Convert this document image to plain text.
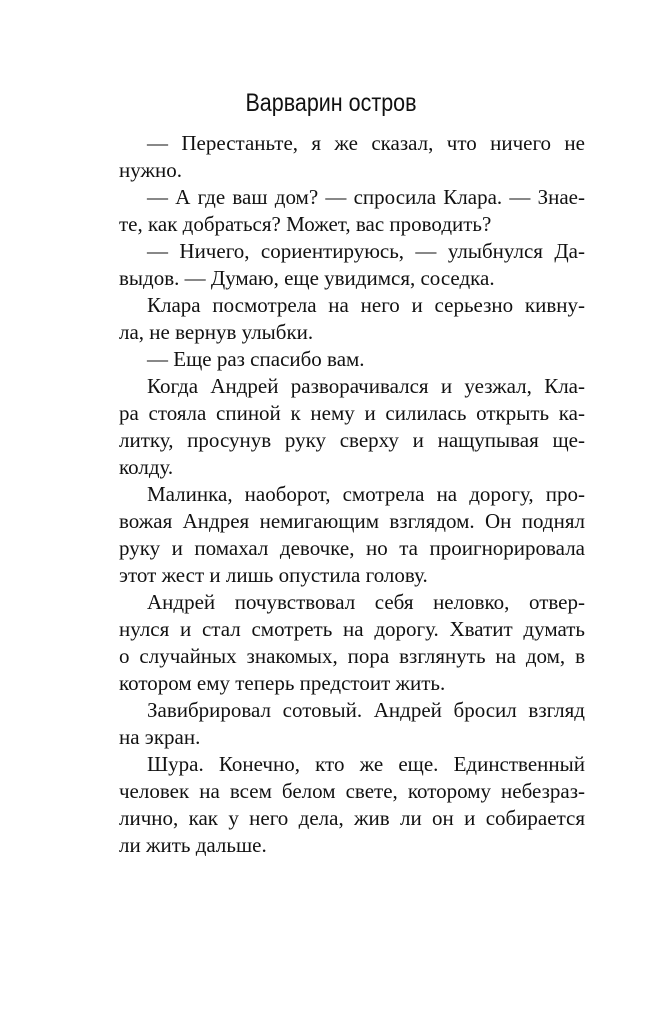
Варварин остров
— Перестаньте, я же сказал, что ничего не
нужно.
— А где ваш дом? — спросила Клара. — Знае-
те, как добраться? Может, вас проводить?
— Ничего, сориентируюсь, — улыбнулся Да-
выдов. — Думаю, еще увидимся, соседка.
Клара посмотрела на него и серьезно кивну-
ла, не вернув улыбки.
— Еще раз спасибо вам.
Когда Андрей разворачивался и уезжал, Кла-
ра стояла спиной к нему и силилась открыть ка-
литку, просунув руку сверху и нащупывая ще-
колду.
Малинка, наоборот, смотрела на дорогу, про-
вожая Андрея немигающим взглядом. Он поднял
руку и помахал девочке, но та проигнорировала
этот жест и лишь опустила голову.
Андрей почувствовал себя неловко, отвер-
нулся и стал смотреть на дорогу. Хватит думать
о случайных знакомых, пора взглянуть на дом, в
котором ему теперь предстоит жить.
Завибрировал сотовый. Андрей бросил взгляд
на экран.
Шура. Конечно, кто же еще. Единственный
человек на всем белом свете, которому небезраз-
лично, как у него дела, жив ли он и собирается
ли жить дальше.
